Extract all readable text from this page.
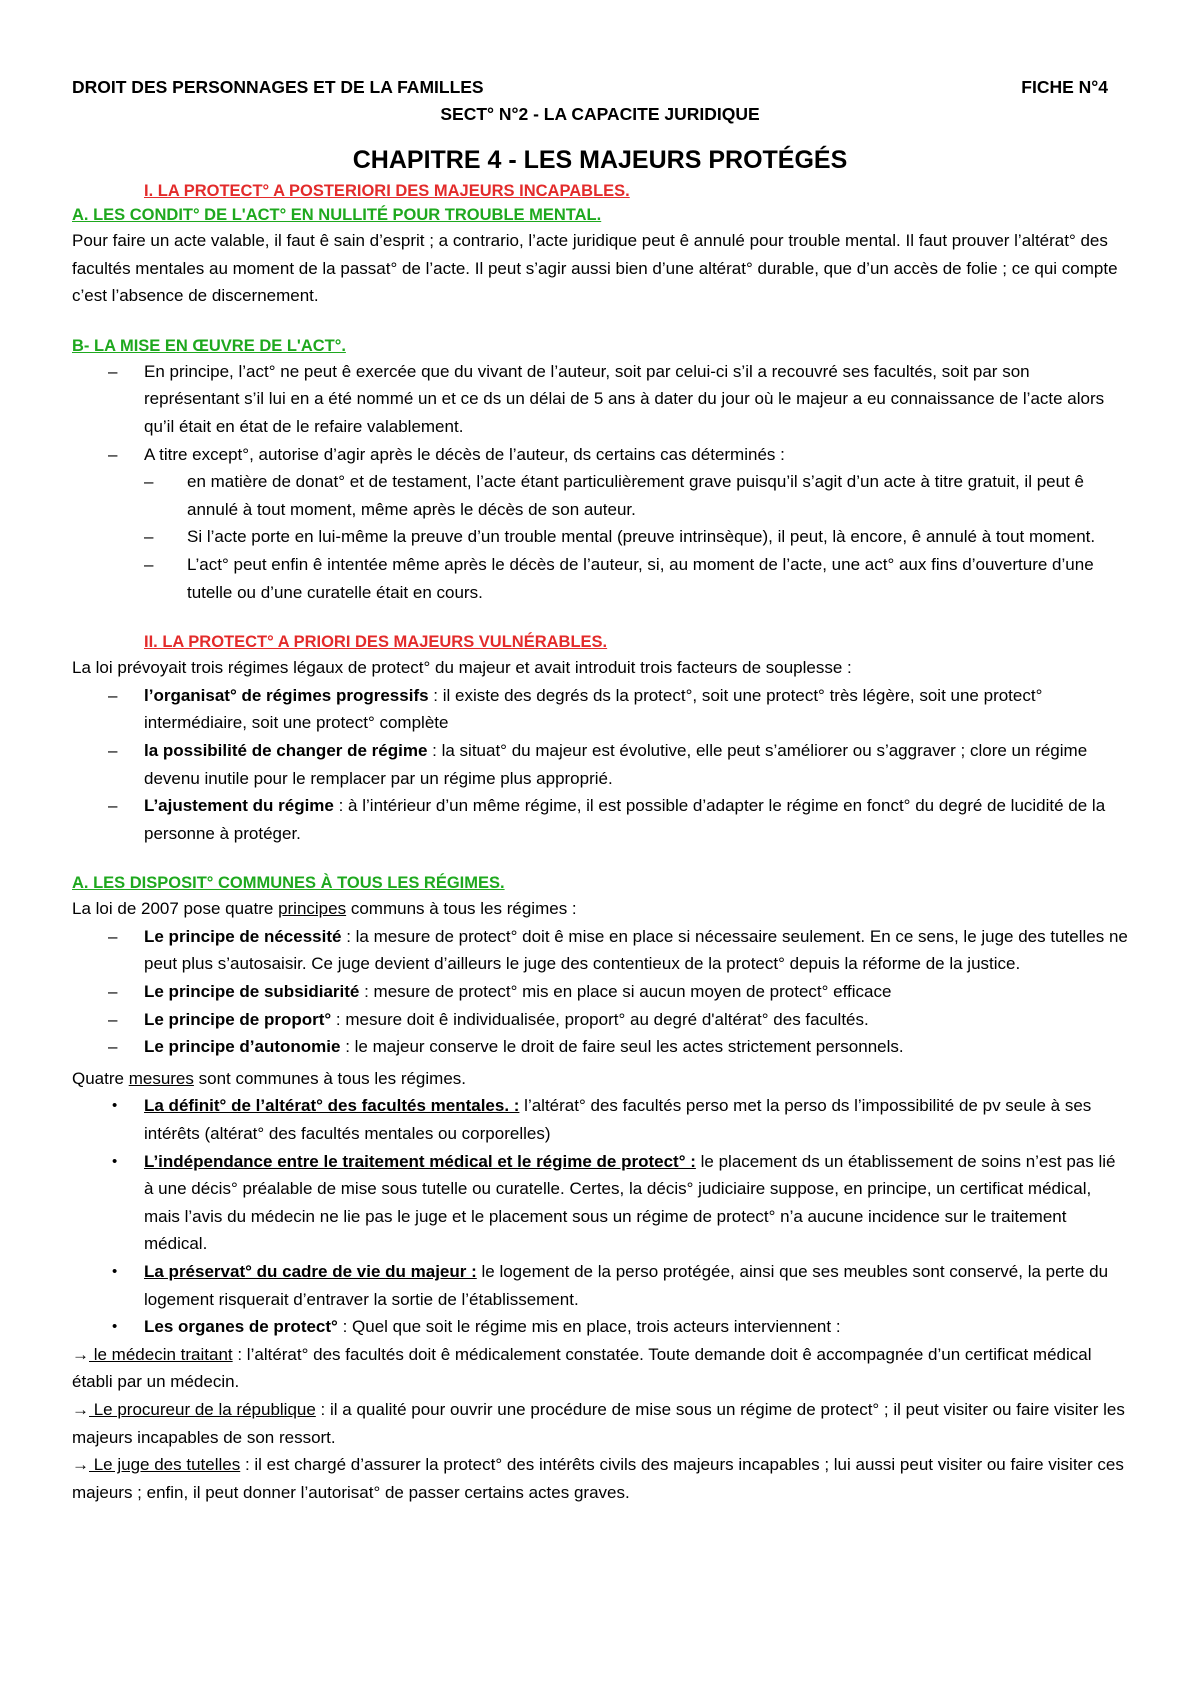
DROIT DES PERSONNAGES ET DE LA FAMILLES	FICHE N°4
SECT° N°2 - LA CAPACITE JURIDIQUE
CHAPITRE 4 - LES MAJEURS PROTÉGÉS
I. LA PROTECT° A POSTERIORI DES MAJEURS INCAPABLES.
A. LES CONDIT° DE L'ACT° EN NULLITÉ POUR TROUBLE MENTAL.
Pour faire un acte valable, il faut ê sain d’esprit ; a contrario, l’acte juridique peut ê annulé pour trouble mental. Il faut prouver l’altérat° des facultés mentales au moment de la passat° de l’acte. Il peut s’agir aussi bien d’une altérat° durable, que d’un accès de folie ; ce qui compte c’est l’absence de discernement.
B- LA MISE EN ŒUVRE DE L'ACT°.
– En principe, l’act° ne peut ê exercée que du vivant de l’auteur, soit par celui-ci s’il a recouvré ses facultés, soit par son représentant s’il lui en a été nommé un et ce ds un délai de 5 ans à dater du jour où le majeur a eu connaissance de l’acte alors qu’il était en état de le refaire valablement.
– A titre except°, autorise d’agir après le décès de l’auteur, ds certains cas déterminés :
– en matière de donat° et de testament, l’acte étant particulièrement grave puisqu’il s’agit d’un acte à titre gratuit, il peut ê annulé à tout moment, même après le décès de son auteur.
– Si l’acte porte en lui-même la preuve d’un trouble mental (preuve intrinsèque), il peut, là encore, ê annulé à tout moment.
– L’act° peut enfin ê intentée même après le décès de l’auteur, si, au moment de l’acte, une act° aux fins d’ouverture d’une tutelle ou d’une curatelle était en cours.
II. LA PROTECT° A PRIORI DES MAJEURS VULNÉRABLES.
La loi prévoyait trois régimes légaux de protect° du majeur et avait introduit trois facteurs de souplesse :
– l’organisat° de régimes progressifs : il existe des degrés ds la protect°, soit une protect° très légère, soit une protect° intermédiaire, soit une protect° complète
– la possibilité de changer de régime : la situat° du majeur est évolutive, elle peut s’améliorer ou s’aggraver ; clore un régime devenu inutile pour le remplacer par un régime plus approprié.
– L’ajustement du régime : à l’intérieur d’un même régime, il est possible d’adapter le régime en fonct° du degré de lucidité de la personne à protéger.
A. LES DISPOSIT° COMMUNES À TOUS LES RÉGIMES.
La loi de 2007 pose quatre principes communs à tous les régimes :
– Le principe de nécessité : la mesure de protect° doit ê mise en place si nécessaire seulement. En ce sens, le juge des tutelles ne peut plus s’autosaisir. Ce juge devient d’ailleurs le juge des contentieux de la protect° depuis la réforme de la justice.
– Le principe de subsidiarité : mesure de protect° mis en place si aucun moyen de protect° efficace
– Le principe de proport° : mesure doit ê individualisée, proport° au degré d'altérat° des facultés.
– Le principe d’autonomie : le majeur conserve le droit de faire seul les actes strictement personnels.
Quatre mesures sont communes à tous les régimes.
• La définit° de l’altérat° des facultés mentales. : l’altérat° des facultés perso met la perso ds l’impossibilité de pv seule à ses intérêts (altérat° des facultés mentales ou corporelles)
• L’indépendance entre le traitement médical et le régime de protect° : le placement ds un établissement de soins n’est pas lié à une décis° préalable de mise sous tutelle ou curatelle. Certes, la décis° judiciaire suppose, en principe, un certificat médical, mais l’avis du médecin ne lie pas le juge et le placement sous un régime de protect° n’a aucune incidence sur le traitement médical.
• La préservat° du cadre de vie du majeur : le logement de la perso protégée, ainsi que ses meubles sont conservé, la perte du logement risquerait d’entraver la sortie de l’établissement.
• Les organes de protect° : Quel que soit le régime mis en place, trois acteurs interviennent :
→ le médecin traitant : l’altérat° des facultés doit ê médicalement constatée. Toute demande doit ê accompagnée d’un certificat médical établi par un médecin.
→ Le procureur de la république : il a qualité pour ouvrir une procédure de mise sous un régime de protect° ; il peut visiter ou faire visiter les majeurs incapables de son ressort.
→ Le juge des tutelles : il est chargé d’assurer la protect° des intérêts civils des majeurs incapables ; lui aussi peut visiter ou faire visiter ces majeurs ; enfin, il peut donner l’autorisat° de passer certains actes graves.
